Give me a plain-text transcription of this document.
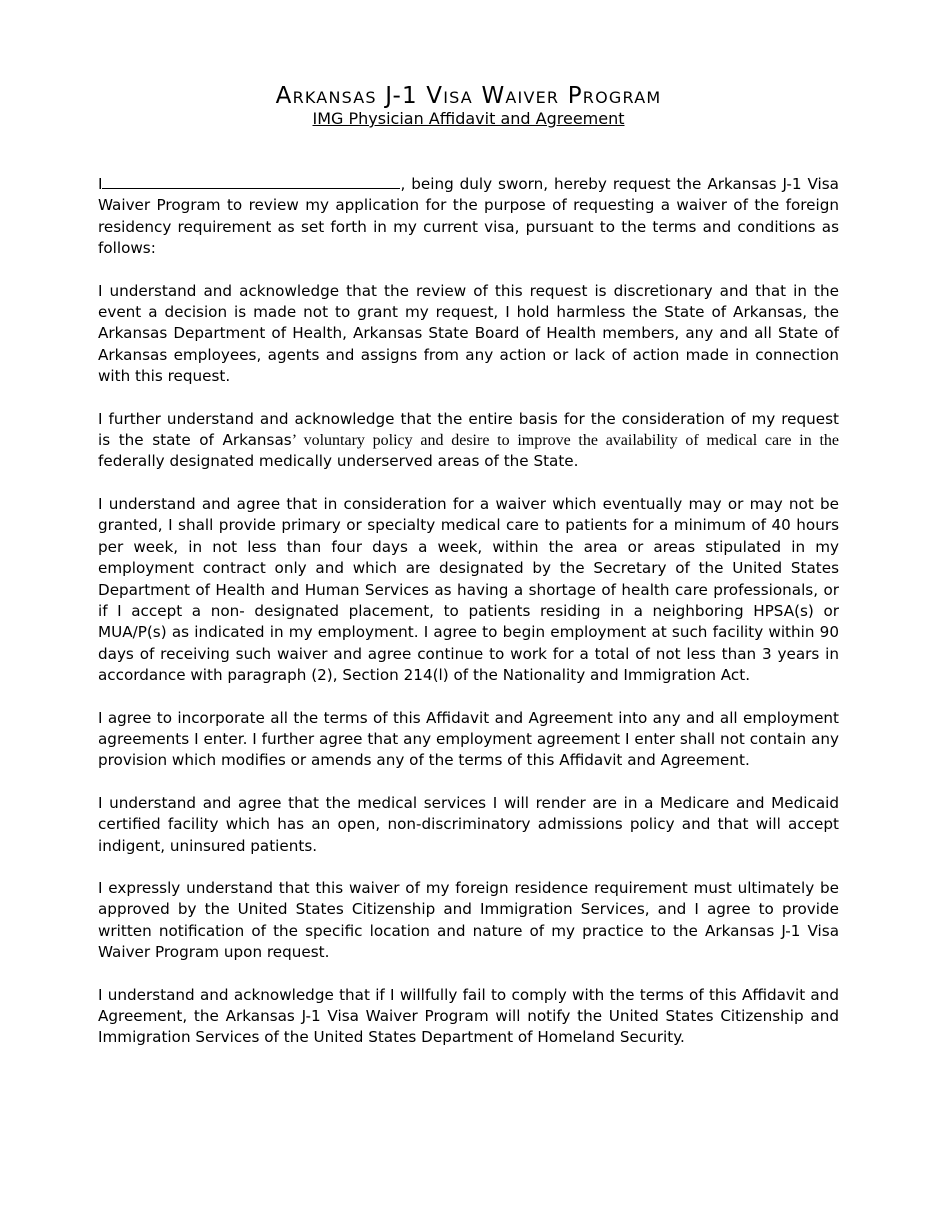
Arkansas J-1 Visa Waiver Program
IMG Physician Affidavit and Agreement

I	, being duly sworn, hereby request the Arkansas J-1 Visa Waiver Program to review my application for the purpose of requesting a waiver of the foreign residency requirement as set forth in my current visa, pursuant to the terms and conditions as follows:

I understand and acknowledge that the review of this request is discretionary and that in the event a decision is made not to grant my request, I hold harmless the State of Arkansas, the Arkansas Department of Health, Arkansas State Board of Health members, any and all State of Arkansas employees, agents and assigns from any action or lack of action made in connection with this request.

I further understand and acknowledge that the entire basis for the consideration of my request is the state of Arkansas’ voluntary policy and desire to improve the availability of medical care in the federally designated medically underserved areas of the State.

I understand and agree that in consideration for a waiver which eventually may or may not be granted, I shall provide primary or specialty medical care to patients for a minimum of 40 hours per week, in not less than four days a week, within the area or areas stipulated in my employment contract only and which are designated by the Secretary of the United States Department of Health and Human Services as having a shortage of health care professionals, or if I accept a non- designated placement, to patients residing in a neighboring HPSA(s) or MUA/P(s) as indicated in my employment. I agree to begin employment at such facility within 90 days of receiving such waiver and agree continue to work for a total of not less than 3 years in accordance with paragraph (2), Section 214(l) of the Nationality and Immigration Act.

I agree to incorporate all the terms of this Affidavit and Agreement into any and all employment agreements I enter. I further agree that any employment agreement I enter shall not contain any provision which modifies or amends any of the terms of this Affidavit and Agreement.

I understand and agree that the medical services I will render are in a Medicare and Medicaid certified facility which has an open, non-discriminatory admissions policy and that will accept indigent, uninsured patients.

I expressly understand that this waiver of my foreign residence requirement must ultimately be approved by the United States Citizenship and Immigration Services, and I agree to provide written notification of the specific location and nature of my practice to the Arkansas J-1 Visa Waiver Program upon request.

I understand and acknowledge that if I willfully fail to comply with the terms of this Affidavit and Agreement, the Arkansas J-1 Visa Waiver Program will notify the United States Citizenship and Immigration Services of the United States Department of Homeland Security.
